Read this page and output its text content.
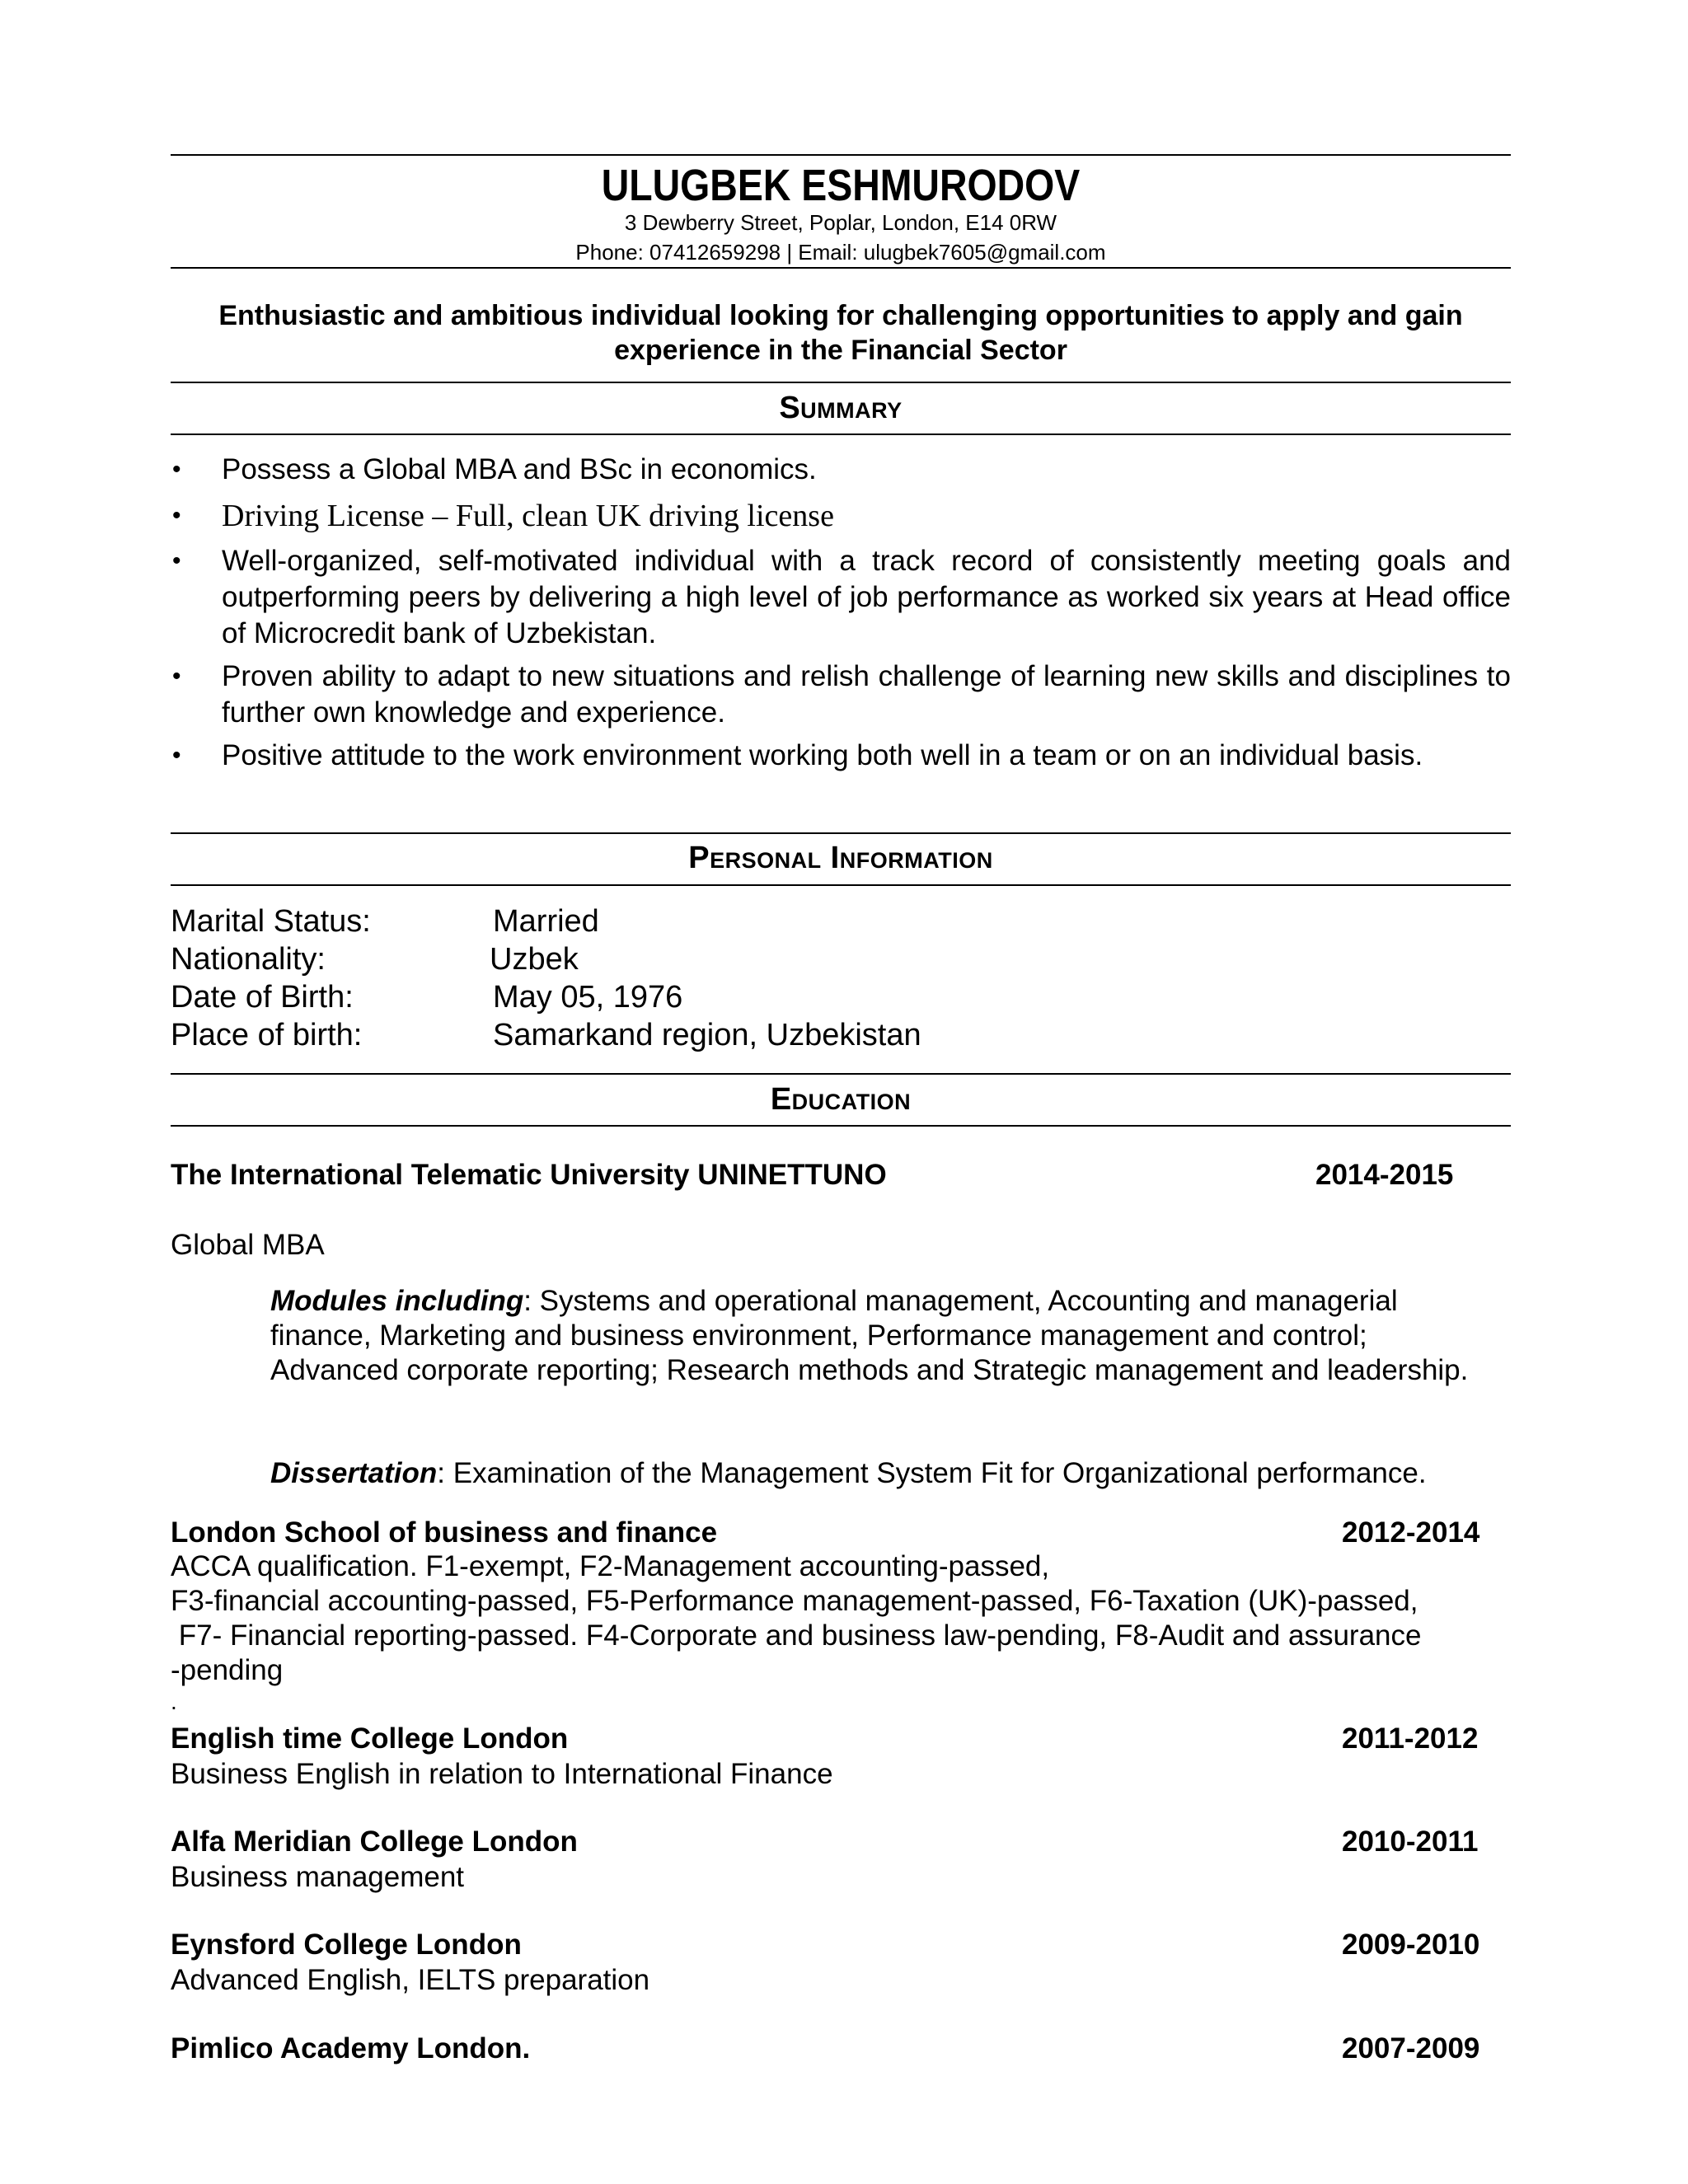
ULUGBEK ESHMURODOV
3 Dewberry Street, Poplar, London, E14 0RW
Phone: 07412659298 | Email: ulugbek7605@gmail.com
Enthusiastic and ambitious individual looking for challenging opportunities to apply and gain experience in the Financial Sector
Summary
• Possess a Global MBA and BSc in economics.
• Driving License – Full, clean UK driving license
• Well-organized, self-motivated individual with a track record of consistently meeting goals and outperforming peers by delivering a high level of job performance as worked six years at Head office of Microcredit bank of Uzbekistan.
• Proven ability to adapt to new situations and relish challenge of learning new skills and disciplines to further own knowledge and experience.
• Positive attitude to the work environment working both well in a team or on an individual basis.
Personal Information
Marital Status:	Married
Nationality:	Uzbek
Date of Birth:	May 05, 1976
Place of birth:	Samarkand region, Uzbekistan
Education
The International Telematic University UNINETTUNO	2014-2015
Global MBA
Modules including: Systems and operational management, Accounting and managerial finance, Marketing and business environment, Performance management and control; Advanced corporate reporting; Research methods and Strategic management and leadership.
Dissertation: Examination of the Management System Fit for Organizational performance.
London School of business and finance	2012-2014
ACCA qualification. F1-exempt, F2-Management accounting-passed,
F3-financial accounting-passed, F5-Performance management-passed, F6-Taxation (UK)-passed,
F7- Financial reporting-passed. F4-Corporate and business law-pending, F8-Audit and assurance
-pending
.
English time College London	2011-2012
Business English in relation to International Finance
Alfa Meridian College London	2010-2011
Business management
Eynsford College London	2009-2010
Advanced English, IELTS preparation
Pimlico Academy London.	2007-2009
